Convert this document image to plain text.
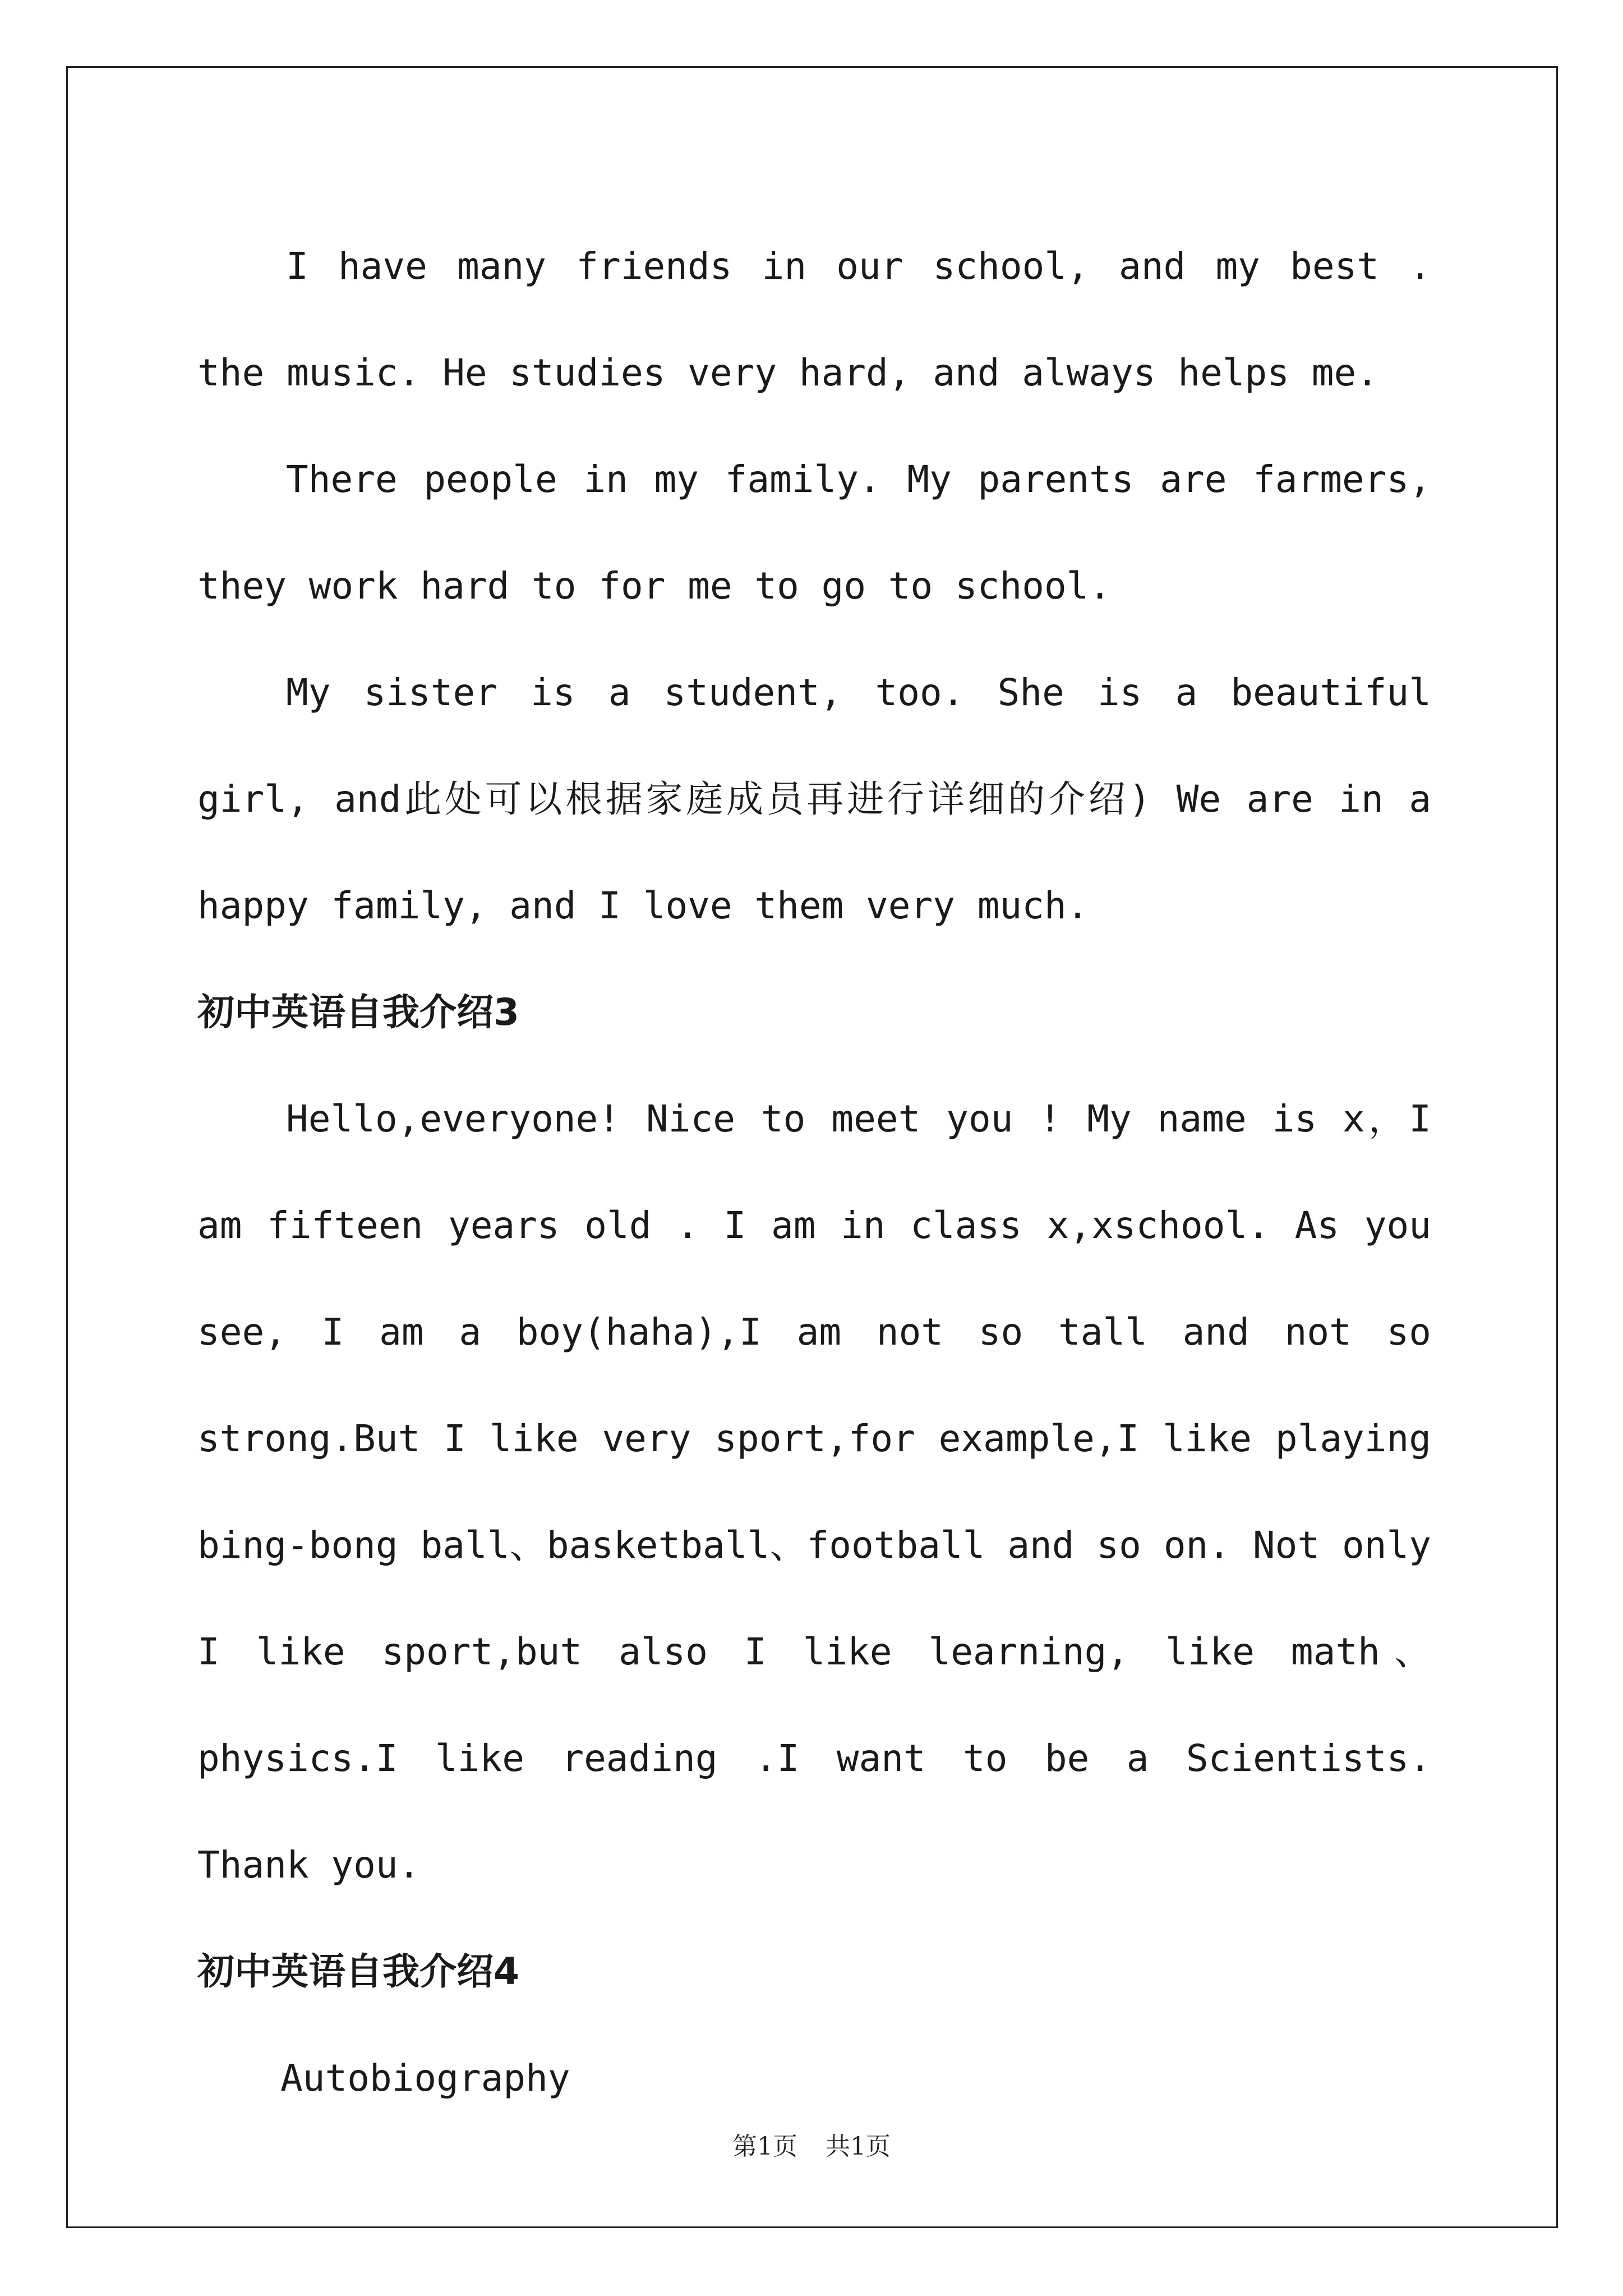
I have many friends in our school, and my best . the music. He studies very hard, and always helps me.

There people in my family. My parents are farmers, they work hard to for me to go to school.

My sister is a student, too. She is a beautiful girl, and此处可以根据家庭成员再进行详细的介绍) We are in a happy family, and I love them very much.

初中英语自我介绍3

Hello,everyone! Nice to meet you ! My name is x，I am fifteen years old . I am in class x,xschool. As you see, I am a boy(haha),I am not so tall and not so strong.But I like very sport,for example,I like playing bing-bong ball、basketball、football and so on. Not only I like sport,but also I like learning, like math、physics.I like reading .I want to be a Scientists. Thank you.

初中英语自我介绍4

Autobiography

第1页 共1页
